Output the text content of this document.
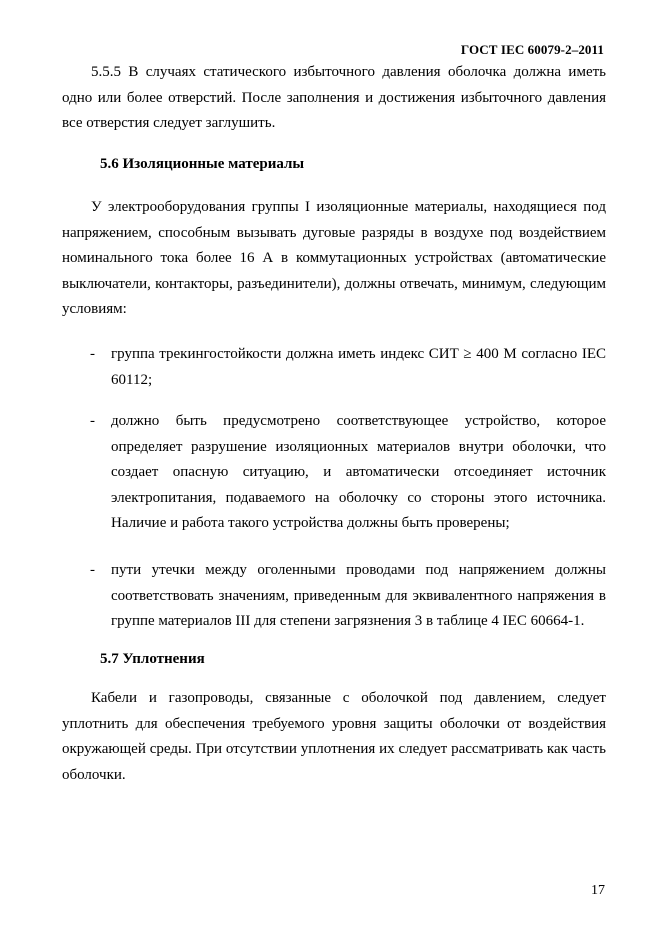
ГОСТ IEC 60079-2–2011

5.5.5 В случаях статического избыточного давления оболочка должна иметь одно или более отверстий. После заполнения и достижения избыточного давления все отверстия следует заглушить.

5.6 Изоляционные материалы

У электрооборудования группы I изоляционные материалы, находящиеся под напряжением, способным вызывать дуговые разряды в воздухе под воздействием номинального тока более 16 А в коммутационных устройствах (автоматические выключатели, контакторы, разъединители), должны отвечать, минимум, следующим условиям:

- группа трекингостойкости должна иметь индекс СИТ ≥ 400 М согласно IEC 60112;
- должно быть предусмотрено соответствующее устройство, которое определяет разрушение изоляционных материалов внутри оболочки, что создает опасную ситуацию, и автоматически отсоединяет источник электропитания, подаваемого на оболочку со стороны этого источника. Наличие и работа такого устройства должны быть проверены;
- пути утечки между оголенными проводами под напряжением должны соответствовать значениям, приведенным для эквивалентного напряжения в группе материалов III для степени загрязнения 3 в таблице 4 IEC 60664-1.
5.7 Уплотнения

Кабели и газопроводы, связанные с оболочкой под давлением, следует уплотнить для обеспечения требуемого уровня защиты оболочки от воздействия окружающей среды. При отсутствии уплотнения их следует рассматривать как часть оболочки.

17
